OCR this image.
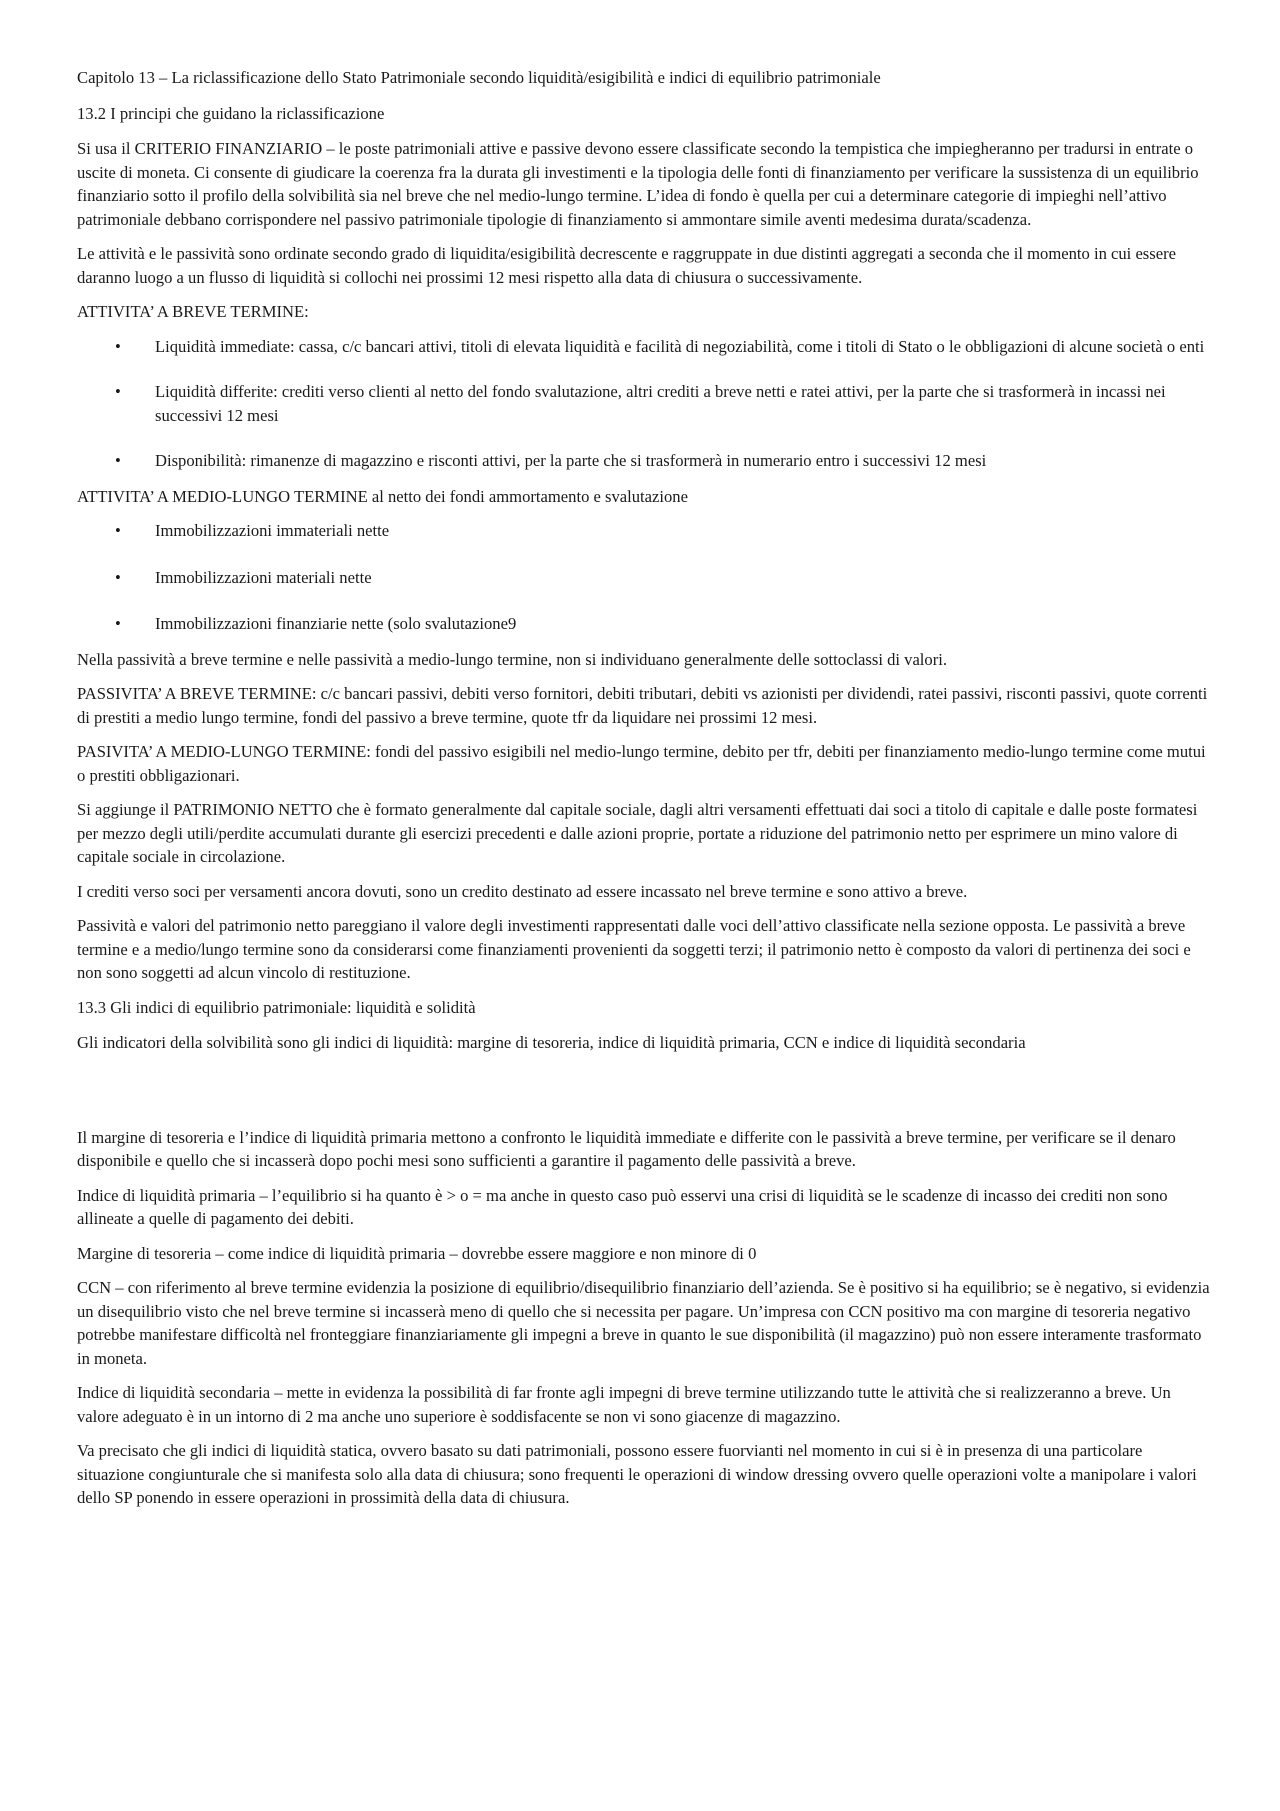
Capitolo 13 – La riclassificazione dello Stato Patrimoniale secondo liquidità/esigibilità e indici di equilibrio patrimoniale

13.2 I principi che guidano la riclassificazione

Si usa il CRITERIO FINANZIARIO – le poste patrimoniali attive e passive devono essere classificate secondo la tempistica che impiegheranno per tradursi in entrate o uscite di moneta. Ci consente di giudicare la coerenza fra la durata gli investimenti e la tipologia delle fonti di finanziamento per verificare la sussistenza di un equilibrio finanziario sotto il profilo della solvibilità sia nel breve che nel medio-lungo termine. L’idea di fondo è quella per cui a determinare categorie di impieghi nell’attivo patrimoniale debbano corrispondere nel passivo patrimoniale tipologie di finanziamento si ammontare simile aventi medesima durata/scadenza.

Le attività e le passività sono ordinate secondo grado di liquidita/esigibilità decrescente e raggruppate in due distinti aggregati a seconda che il momento in cui essere daranno luogo a un flusso di liquidità si collochi nei prossimi 12 mesi rispetto alla data di chiusura o successivamente.

ATTIVITA’ A BREVE TERMINE:

• Liquidità immediate: cassa, c/c bancari attivi, titoli di elevata liquidità e facilità di negoziabilità, come i titoli di Stato o le obbligazioni di alcune società o enti
• Liquidità differite: crediti verso clienti al netto del fondo svalutazione, altri crediti a breve netti e ratei attivi, per la parte che si trasformerà in incassi nei successivi 12 mesi
• Disponibilità: rimanenze di magazzino e risconti attivi, per la parte che si trasformerà in numerario entro i successivi 12 mesi

ATTIVITA’ A MEDIO-LUNGO TERMINE al netto dei fondi ammortamento e svalutazione

• Immobilizzazioni immateriali nette
• Immobilizzazioni materiali nette
• Immobilizzazioni finanziarie nette (solo svalutazione9

Nella passività a breve termine e nelle passività a medio-lungo termine, non si individuano generalmente delle sottoclassi di valori.

PASSIVITA’ A BREVE TERMINE: c/c bancari passivi, debiti verso fornitori, debiti tributari, debiti vs azionisti per dividendi, ratei passivi, risconti passivi, quote correnti di prestiti a medio lungo termine, fondi del passivo a breve termine, quote tfr da liquidare nei prossimi 12 mesi.

PASIVITA’ A MEDIO-LUNGO TERMINE: fondi del passivo esigibili nel medio-lungo termine, debito per tfr, debiti per finanziamento medio-lungo termine come mutui o prestiti obbligazionari.

Si aggiunge il PATRIMONIO NETTO che è formato generalmente dal capitale sociale, dagli altri versamenti effettuati dai soci a titolo di capitale e dalle poste formatesi per mezzo degli utili/perdite accumulati durante gli esercizi precedenti e dalle azioni proprie, portate a riduzione del patrimonio netto per esprimere un mino valore di capitale sociale in circolazione.

I crediti verso soci per versamenti ancora dovuti, sono un credito destinato ad essere incassato nel breve termine e sono attivo a breve.

Passività e valori del patrimonio netto pareggiano il valore degli investimenti rappresentati dalle voci dell’attivo classificate nella sezione opposta. Le passività a breve termine e a medio/lungo termine sono da considerarsi come finanziamenti provenienti da soggetti terzi; il patrimonio netto è composto da valori di pertinenza dei soci e non sono soggetti ad alcun vincolo di restituzione.

13.3 Gli indici di equilibrio patrimoniale: liquidità e solidità

Gli indicatori della solvibilità sono gli indici di liquidità: margine di tesoreria, indice di liquidità primaria, CCN e indice di liquidità secondaria

Il margine di tesoreria e l’indice di liquidità primaria mettono a confronto le liquidità immediate e differite con le passività a breve termine, per verificare se il denaro disponibile e quello che si incasserà dopo pochi mesi sono sufficienti a garantire il pagamento delle passività a breve.

Indice di liquidità primaria – l’equilibrio si ha quanto è > o = ma anche in questo caso può esservi una crisi di liquidità se le scadenze di incasso dei crediti non sono allineate a quelle di pagamento dei debiti.

Margine di tesoreria – come indice di liquidità primaria – dovrebbe essere maggiore e non minore di 0

CCN – con riferimento al breve termine evidenzia la posizione di equilibrio/disequilibrio finanziario dell’azienda. Se è positivo si ha equilibrio; se è negativo, si evidenzia un disequilibrio visto che nel breve termine si incasserà meno di quello che si necessita per pagare. Un’impresa con CCN positivo ma con margine di tesoreria negativo potrebbe manifestare difficoltà nel fronteggiare finanziariamente gli impegni a breve in quanto le sue disponibilità (il magazzino) può non essere interamente trasformato in moneta.

Indice di liquidità secondaria – mette in evidenza la possibilità di far fronte agli impegni di breve termine utilizzando tutte le attività che si realizzeranno a breve. Un valore adeguato è in un intorno di 2 ma anche uno superiore è soddisfacente se non vi sono giacenze di magazzino.

Va precisato che gli indici di liquidità statica, ovvero basato su dati patrimoniali, possono essere fuorvianti nel momento in cui si è in presenza di una particolare situazione congiunturale che si manifesta solo alla data di chiusura; sono frequenti le operazioni di window dressing ovvero quelle operazioni volte a manipolare i valori dello SP ponendo in essere operazioni in prossimità della data di chiusura.
